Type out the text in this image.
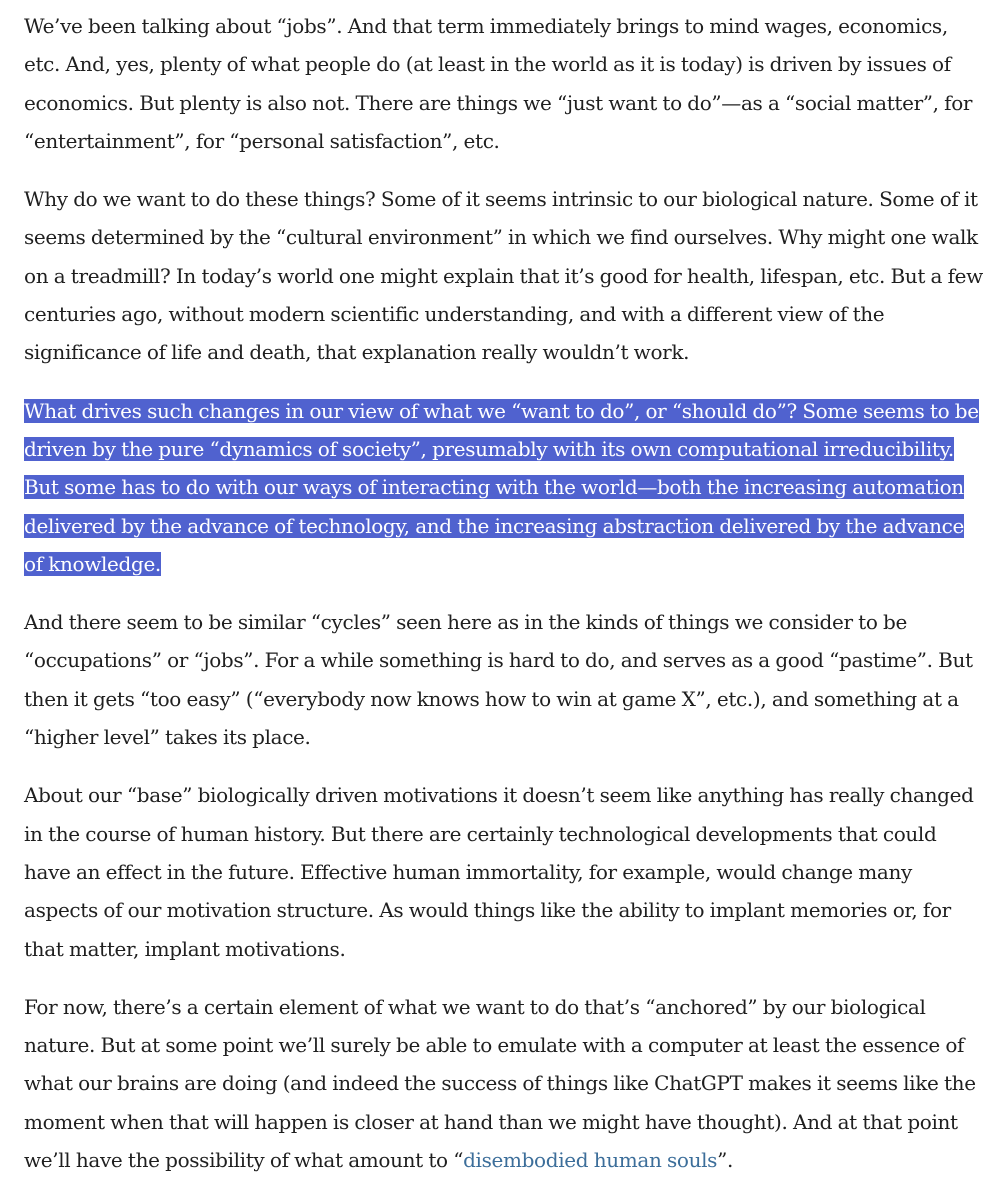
We’ve been talking about “jobs”. And that term immediately brings to mind wages, economics, etc. And, yes, plenty of what people do (at least in the world as it is today) is driven by issues of economics. But plenty is also not. There are things we “just want to do”—as a “social matter”, for “entertainment”, for “personal satisfaction”, etc.

Why do we want to do these things? Some of it seems intrinsic to our biological nature. Some of it seems determined by the “cultural environment” in which we find ourselves. Why might one walk on a treadmill? In today’s world one might explain that it’s good for health, lifespan, etc. But a few centuries ago, without modern scientific understanding, and with a different view of the significance of life and death, that explanation really wouldn’t work.

What drives such changes in our view of what we “want to do”, or “should do”? Some seems to be driven by the pure “dynamics of society”, presumably with its own computational irreducibility. But some has to do with our ways of interacting with the world—both the increasing automation delivered by the advance of technology, and the increasing abstraction delivered by the advance of knowledge.

And there seem to be similar “cycles” seen here as in the kinds of things we consider to be “occupations” or “jobs”. For a while something is hard to do, and serves as a good “pastime”. But then it gets “too easy” (“everybody now knows how to win at game X”, etc.), and something at a “higher level” takes its place.

About our “base” biologically driven motivations it doesn’t seem like anything has really changed in the course of human history. But there are certainly technological developments that could have an effect in the future. Effective human immortality, for example, would change many aspects of our motivation structure. As would things like the ability to implant memories or, for that matter, implant motivations.

For now, there’s a certain element of what we want to do that’s “anchored” by our biological nature. But at some point we’ll surely be able to emulate with a computer at least the essence of what our brains are doing (and indeed the success of things like ChatGPT makes it seems like the moment when that will happen is closer at hand than we might have thought). And at that point we’ll have the possibility of what amount to “disembodied human souls”.
